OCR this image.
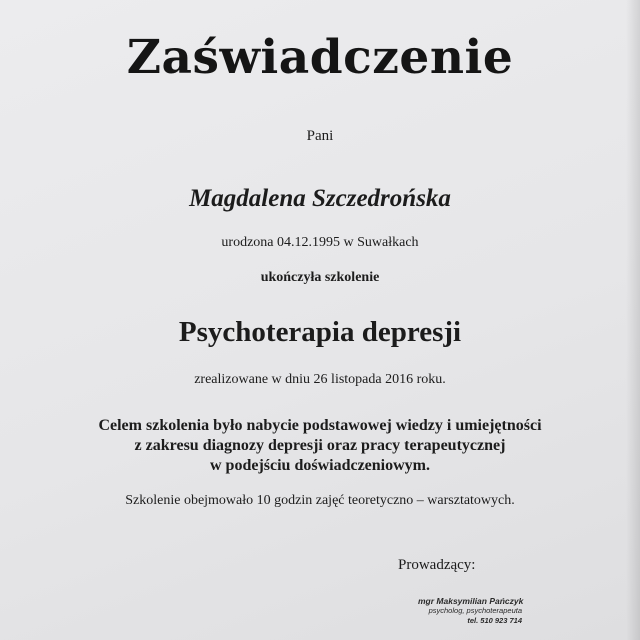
Zaświadczenie
Pani
Magdalena Szczedrońska
urodzona 04.12.1995 w Suwałkach
ukończyła szkolenie
Psychoterapia depresji
zrealizowane w dniu 26 listopada 2016 roku.
Celem szkolenia było nabycie podstawowej wiedzy i umiejętności
z zakresu diagnozy depresji oraz pracy terapeutycznej
w podejściu doświadczeniowym.
Szkolenie obejmowało 10 godzin zajęć teoretyczno – warsztatowych.
Prowadzący:
mgr Maksymilian Pańczyk
psycholog, psychoterapeuta
tel. 510 923 714
